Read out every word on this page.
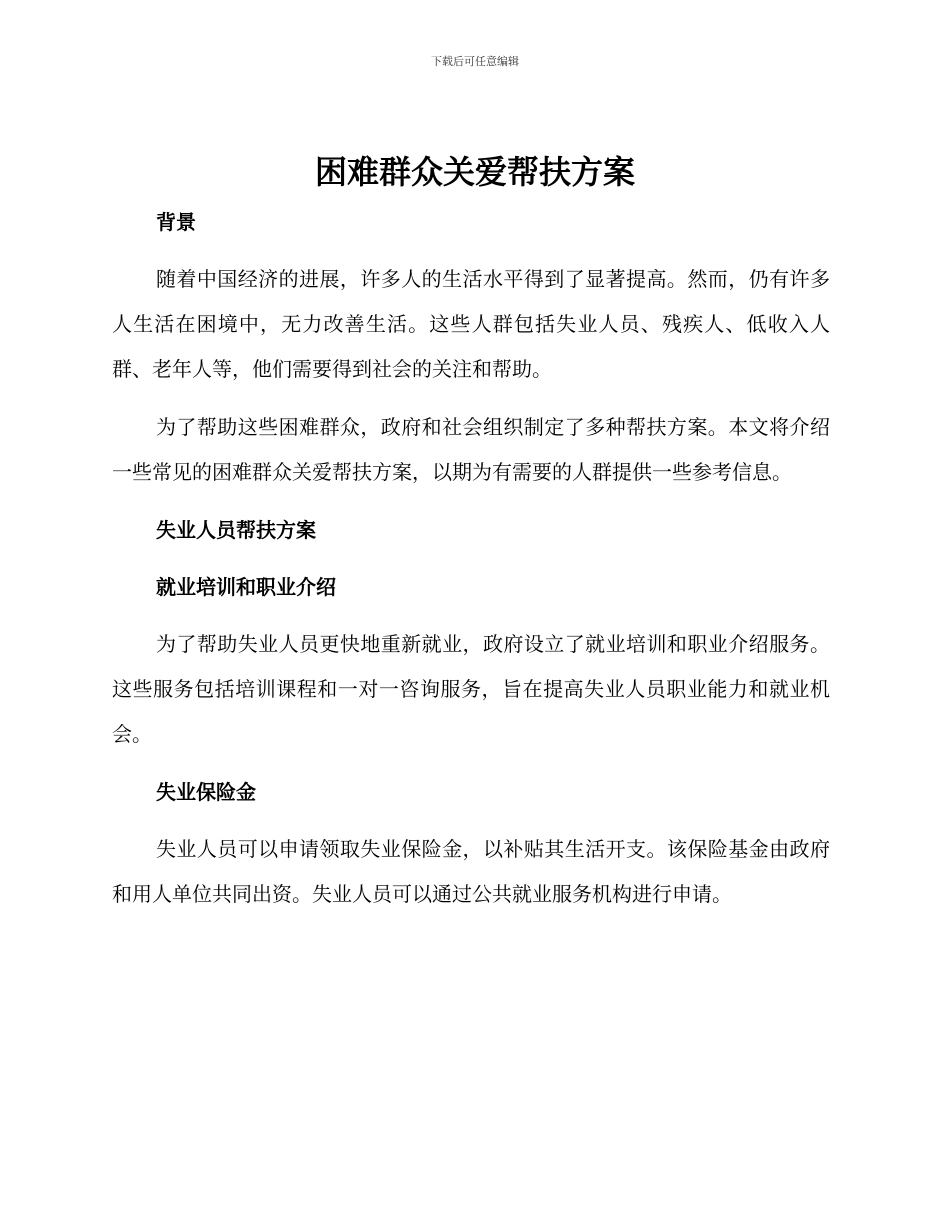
下载后可任意编辑
困难群众关爱帮扶方案
背景

随着中国经济的进展，许多人的生活水平得到了显著提高。然而，仍有许多人生活在困境中，无力改善生活。这些人群包括失业人员、残疾人、低收入人群、老年人等，他们需要得到社会的关注和帮助。

为了帮助这些困难群众，政府和社会组织制定了多种帮扶方案。本文将介绍一些常见的困难群众关爱帮扶方案，以期为有需要的人群提供一些参考信息。

失业人员帮扶方案
就业培训和职业介绍

为了帮助失业人员更快地重新就业，政府设立了就业培训和职业介绍服务。这些服务包括培训课程和一对一咨询服务，旨在提高失业人员职业能力和就业机会。

失业保险金

失业人员可以申请领取失业保险金，以补贴其生活开支。该保险基金由政府和用人单位共同出资。失业人员可以通过公共就业服务机构进行申请。
